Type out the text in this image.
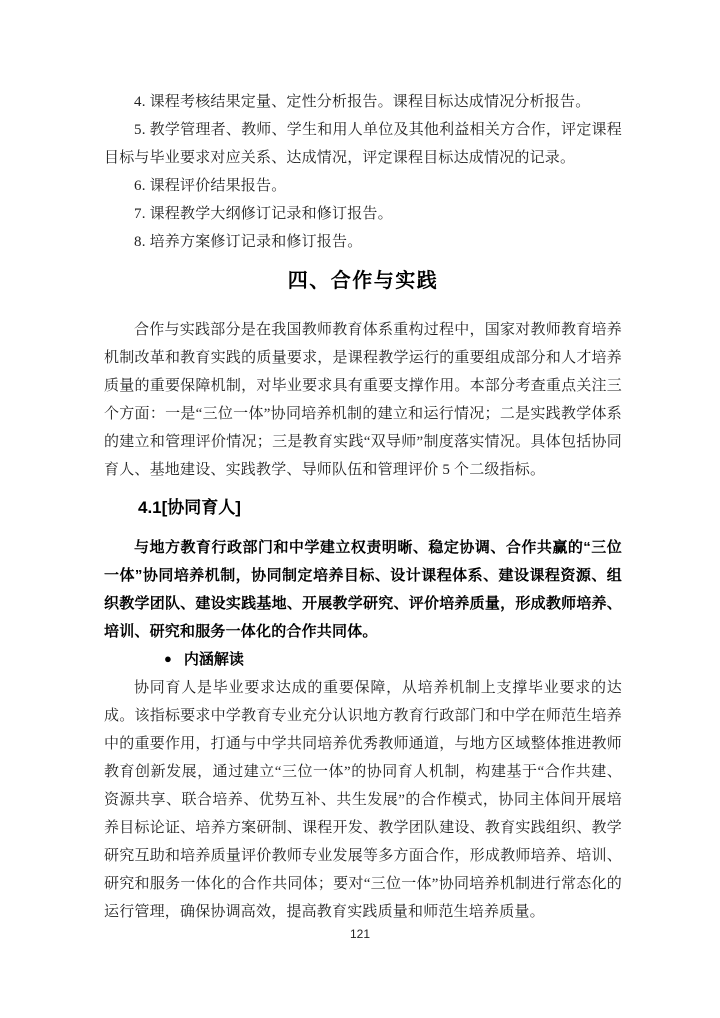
4. 课程考核结果定量、定性分析报告。课程目标达成情况分析报告。

5. 教学管理者、教师、学生和用人单位及其他利益相关方合作，评定课程目标与毕业要求对应关系、达成情况，评定课程目标达成情况的记录。

6. 课程评价结果报告。

7. 课程教学大纲修订记录和修订报告。

8. 培养方案修订记录和修订报告。

四、合作与实践

合作与实践部分是在我国教师教育体系重构过程中，国家对教师教育培养机制改革和教育实践的质量要求，是课程教学运行的重要组成部分和人才培养质量的重要保障机制，对毕业要求具有重要支撑作用。本部分考查重点关注三个方面：一是“三位一体”协同培养机制的建立和运行情况；二是实践教学体系的建立和管理评价情况；三是教育实践“双导师”制度落实情况。具体包括协同育人、基地建设、实践教学、导师队伍和管理评价 5 个二级指标。

4.1[协同育人]

与地方教育行政部门和中学建立权责明晰、稳定协调、合作共赢的“三位一体”协同培养机制，协同制定培养目标、设计课程体系、建设课程资源、组织教学团队、建设实践基地、开展教学研究、评价培养质量，形成教师培养、培训、研究和服务一体化的合作共同体。

● 内涵解读

协同育人是毕业要求达成的重要保障，从培养机制上支撑毕业要求的达成。该指标要求中学教育专业充分认识地方教育行政部门和中学在师范生培养中的重要作用，打通与中学共同培养优秀教师通道，与地方区域整体推进教师教育创新发展，通过建立“三位一体”的协同育人机制，构建基于“合作共建、资源共享、联合培养、优势互补、共生发展”的合作模式，协同主体间开展培养目标论证、培养方案研制、课程开发、教学团队建设、教育实践组织、教学研究互助和培养质量评价教师专业发展等多方面合作，形成教师培养、培训、研究和服务一体化的合作共同体；要对“三位一体”协同培养机制进行常态化的运行管理，确保协调高效，提高教育实践质量和师范生培养质量。

121
